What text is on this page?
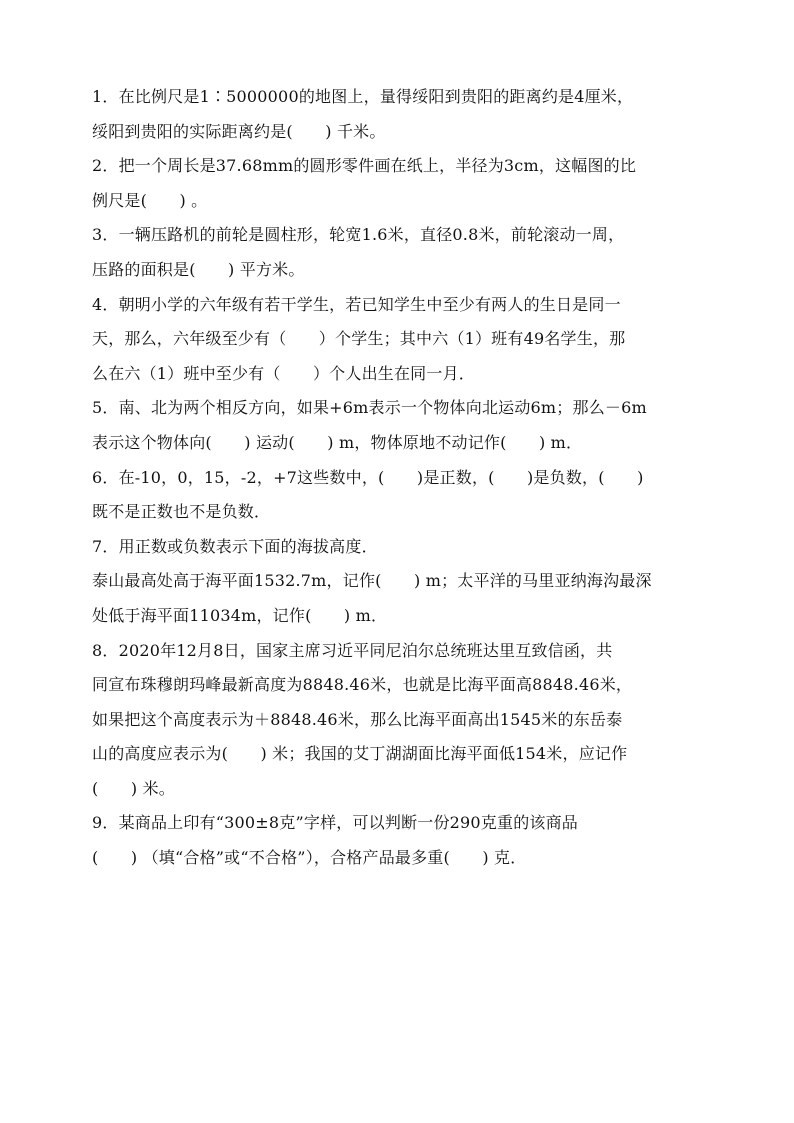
1．在比例尺是1∶5000000的地图上，量得绥阳到贵阳的距离约是4厘米，
绥阳到贵阳的实际距离约是(　　) 千米。
2．把一个周长是37.68mm的圆形零件画在纸上，半径为3cm，这幅图的比
例尺是(　　) 。
3．一辆压路机的前轮是圆柱形，轮宽1.6米，直径0.8米，前轮滚动一周，
压路的面积是(　　) 平方米。
4．朝明小学的六年级有若干学生，若已知学生中至少有两人的生日是同一
天，那么，六年级至少有（　　）个学生；其中六（1）班有49名学生，那
么在六（1）班中至少有（　　）个人出生在同一月．
5．南、北为两个相反方向，如果+6m表示一个物体向北运动6m；那么－6m
表示这个物体向(　　) 运动(　　) m，物体原地不动记作(　　) m．
6．在-10，0，15，-2，+7这些数中，(　　)是正数，(　　)是负数，(　　)
既不是正数也不是负数．
7．用正数或负数表示下面的海拔高度．
泰山最高处高于海平面1532.7m，记作(　　) m；太平洋的马里亚纳海沟最深
处低于海平面11034m，记作(　　) m．
8．2020年12月8日，国家主席习近平同尼泊尔总统班达里互致信函，共
同宣布珠穆朗玛峰最新高度为8848.46米，也就是比海平面高8848.46米，
如果把这个高度表示为＋8848.46米，那么比海平面高出1545米的东岳泰
山的高度应表示为(　　) 米；我国的艾丁湖湖面比海平面低154米，应记作
(　　) 米。
9．某商品上印有“300±8克”字样，可以判断一份290克重的该商品
(　　) （填“合格”或“不合格”），合格产品最多重(　　) 克．
